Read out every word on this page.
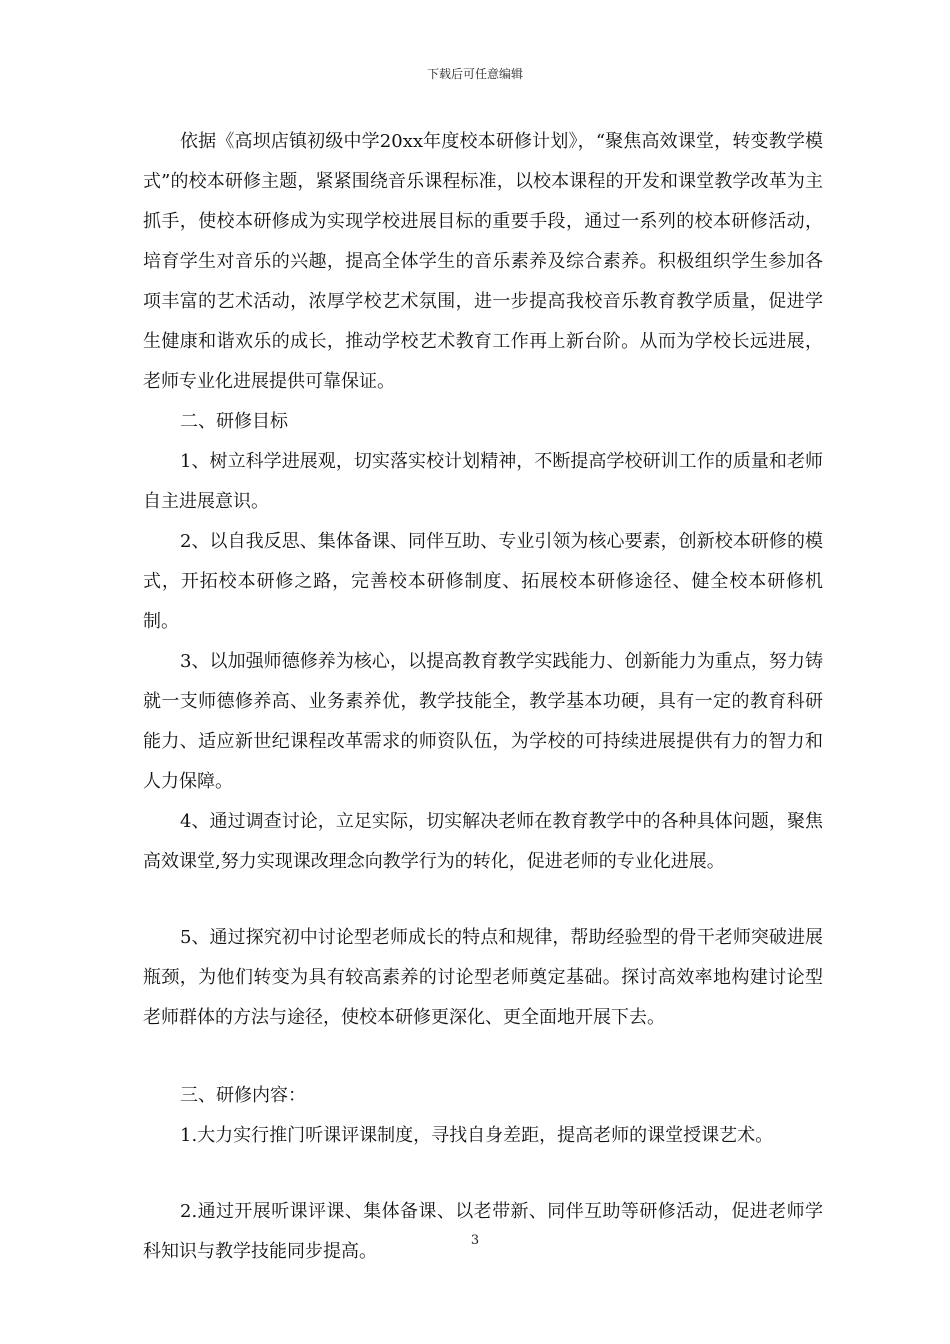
下载后可任意编辑

依据《高坝店镇初级中学20xx年度校本研修计划》，“聚焦高效课堂，转变教学模式”的校本研修主题，紧紧围绕音乐课程标准，以校本课程的开发和课堂教学改革为主抓手，使校本研修成为实现学校进展目标的重要手段，通过一系列的校本研修活动，培育学生对音乐的兴趣，提高全体学生的音乐素养及综合素养。积极组织学生参加各项丰富的艺术活动，浓厚学校艺术氛围，进一步提高我校音乐教育教学质量，促进学生健康和谐欢乐的成长，推动学校艺术教育工作再上新台阶。从而为学校长远进展，老师专业化进展提供可靠保证。

二、研修目标

1、树立科学进展观，切实落实校计划精神，不断提高学校研训工作的质量和老师自主进展意识。

2、以自我反思、集体备课、同伴互助、专业引领为核心要素，创新校本研修的模式，开拓校本研修之路，完善校本研修制度、拓展校本研修途径、健全校本研修机制。

3、以加强师德修养为核心，以提高教育教学实践能力、创新能力为重点，努力铸就一支师德修养高、业务素养优，教学技能全，教学基本功硬，具有一定的教育科研能力、适应新世纪课程改革需求的师资队伍，为学校的可持续进展提供有力的智力和人力保障。

4、通过调查讨论，立足实际，切实解决老师在教育教学中的各种具体问题，聚焦高效课堂,努力实现课改理念向教学行为的转化，促进老师的专业化进展。

5、通过探究初中讨论型老师成长的特点和规律，帮助经验型的骨干老师突破进展瓶颈，为他们转变为具有较高素养的讨论型老师奠定基础。探讨高效率地构建讨论型老师群体的方法与途径，使校本研修更深化、更全面地开展下去。

三、研修内容：

1.大力实行推门听课评课制度，寻找自身差距，提高老师的课堂授课艺术。

2.通过开展听课评课、集体备课、以老带新、同伴互助等研修活动，促进老师学科知识与教学技能同步提高。

3
